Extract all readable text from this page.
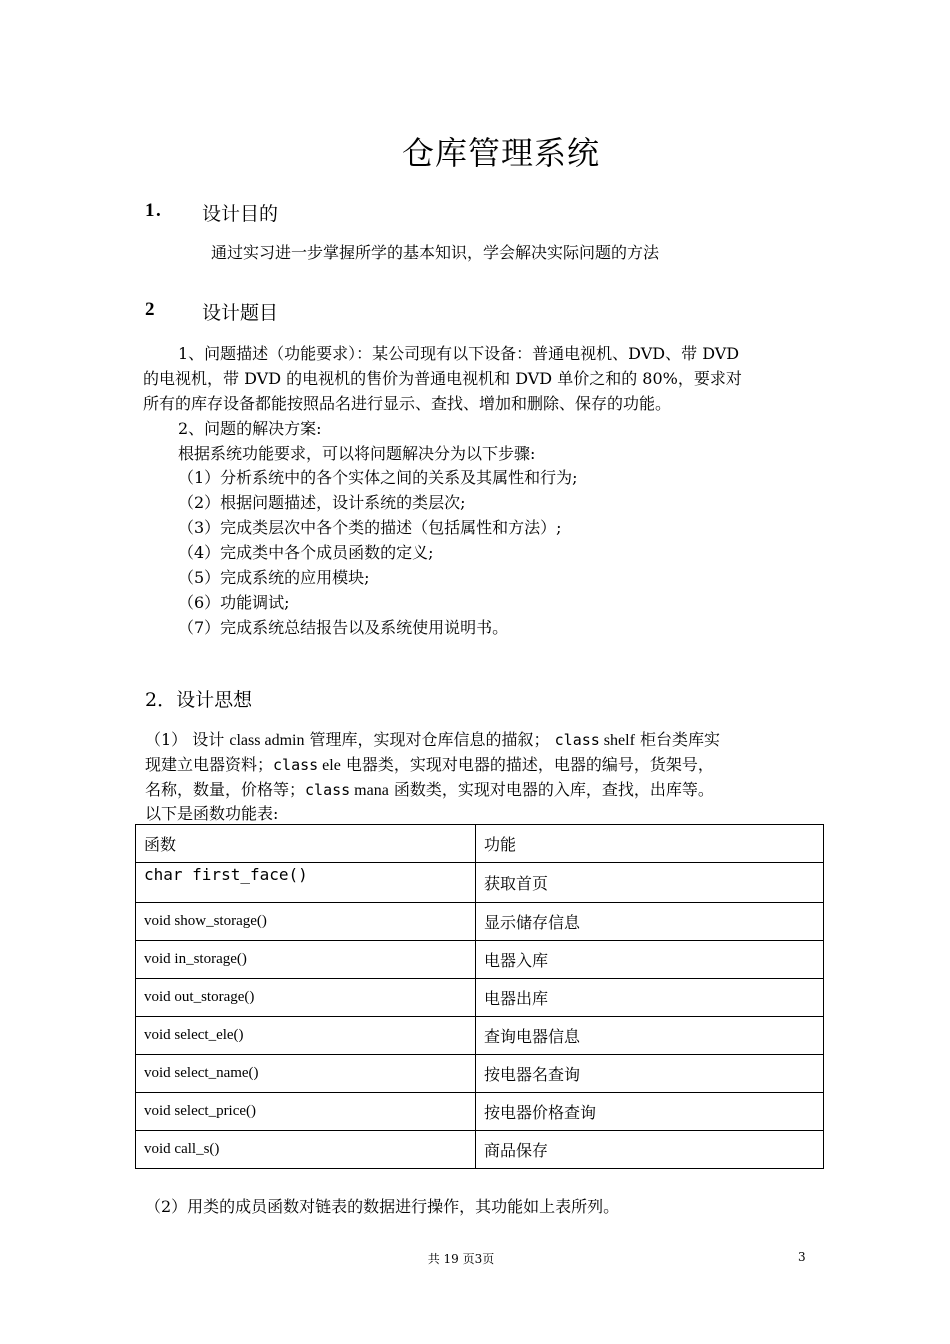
仓库管理系统
1 . 设计目的
通过实习进一步掌握所学的基本知识，学会解决实际问题的方法
2	设计题目
1、问题描述（功能要求）：某公司现有以下设备：普通电视机、DVD、带 DVD
的电视机，带 DVD 的电视机的售价为普通电视机和 DVD 单价之和的 80%，要求对
所有的库存设备都能按照品名进行显示、查找、增加和删除、保存的功能。
2、问题的解决方案:
根据系统功能要求，可以将问题解决分为以下步骤:
（1）分析系统中的各个实体之间的关系及其属性和行为;
（2）根据问题描述，设计系统的类层次;
（3）完成类层次中各个类的描述（包括属性和方法）;
（4）完成类中各个成员函数的定义;
（5）完成系统的应用模块;
（6）功能调试;
（7）完成系统总结报告以及系统使用说明书。
2．设计思想
（1） 设计 class admin 管理库，实现对仓库信息的描叙； class shelf 柜台类库实
现建立电器资料；class ele 电器类，实现对电器的描述，电器的编号，货架号，
名称，数量，价格等；class mana 函数类，实现对电器的入库，查找，出库等。
以下是函数功能表:
函数	功能
char first_face()	获取首页
void show_storage()	显示储存信息
void in_storage()	电器入库
void out_storage()	电器出库
void select_ele()	查询电器信息
void select_name()	按电器名查询
void select_price()	按电器价格查询
void call_s()	商品保存
（2）用类的成员函数对链表的数据进行操作，其功能如上表所列。
共 19 页3页	3
